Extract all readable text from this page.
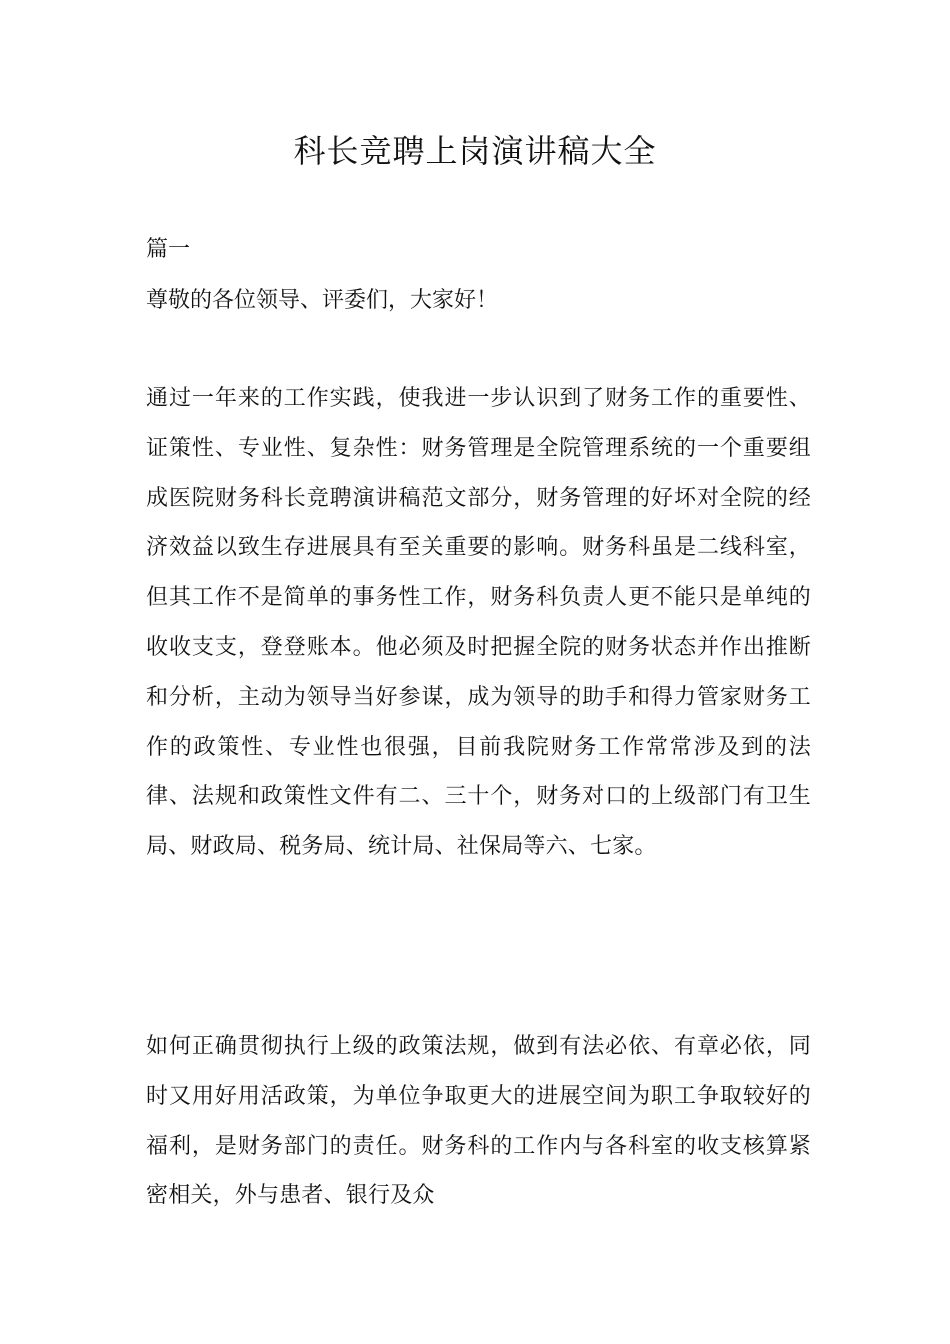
科长竞聘上岗演讲稿大全
篇一
尊敬的各位领导、评委们，大家好！
通过一年来的工作实践，使我进一步认识到了财务工作的重要性、证策性、专业性、复杂性：财务管理是全院管理系统的一个重要组成医院财务科长竞聘演讲稿范文部分，财务管理的好坏对全院的经济效益以致生存进展具有至关重要的影响。财务科虽是二线科室，但其工作不是简单的事务性工作，财务科负责人更不能只是单纯的收收支支，登登账本。他必须及时把握全院的财务状态并作出推断和分析，主动为领导当好参谋，成为领导的助手和得力管家财务工作的政策性、专业性也很强，目前我院财务工作常常涉及到的法律、法规和政策性文件有二、三十个，财务对口的上级部门有卫生局、财政局、税务局、统计局、社保局等六、七家。
如何正确贯彻执行上级的政策法规，做到有法必依、有章必依，同时又用好用活政策，为单位争取更大的进展空间为职工争取较好的福利，是财务部门的责任。财务科的工作内与各科室的收支核算紧密相关，外与患者、银行及众
